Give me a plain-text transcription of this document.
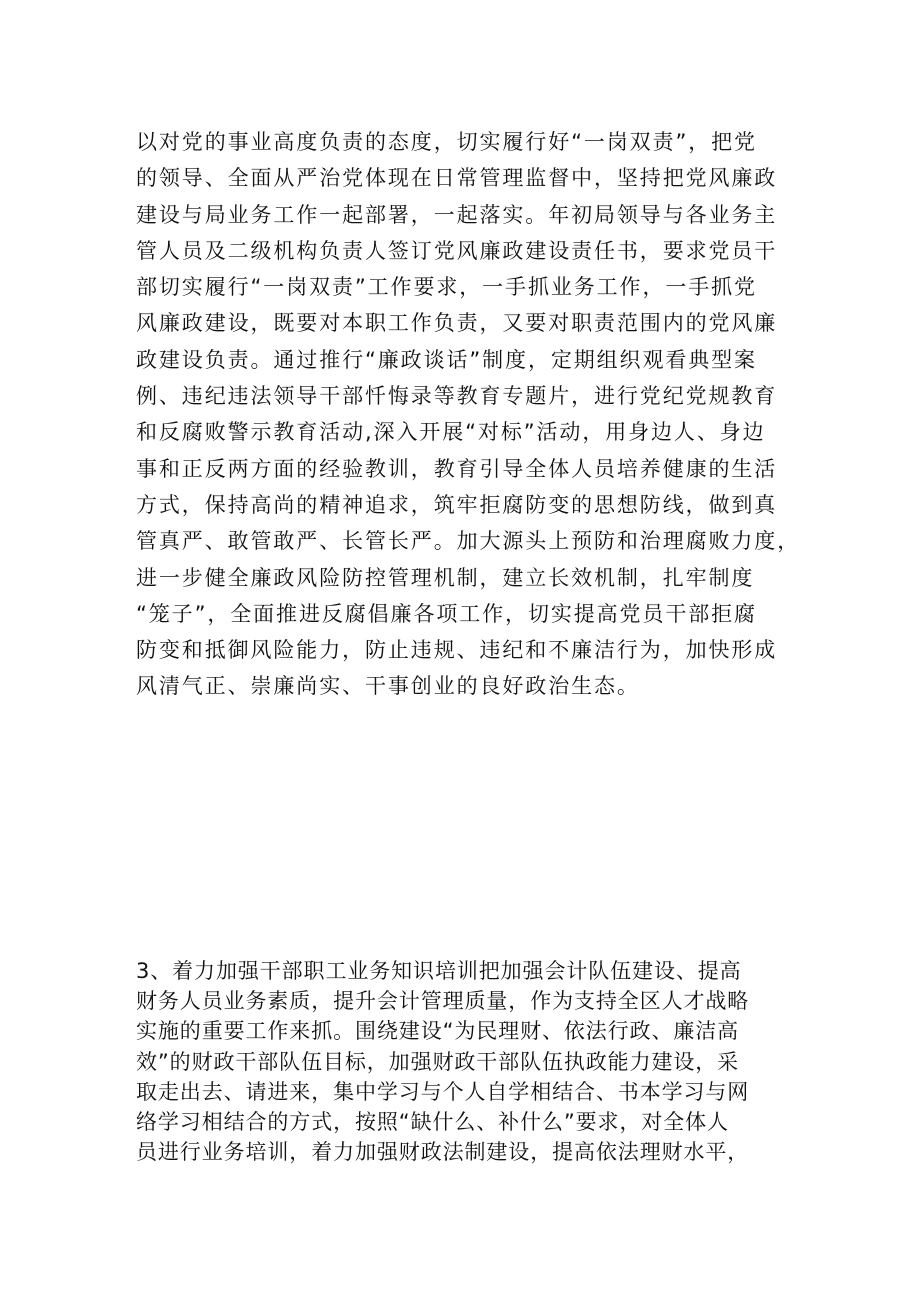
以对党的事业高度负责的态度，切实履行好“一岗双责”，把党
的领导、全面从严治党体现在日常管理监督中，坚持把党风廉政
建设与局业务工作一起部署，一起落实。年初局领导与各业务主
管人员及二级机构负责人签订党风廉政建设责任书，要求党员干
部切实履行“一岗双责”工作要求，一手抓业务工作，一手抓党
风廉政建设，既要对本职工作负责，又要对职责范围内的党风廉
政建设负责。通过推行“廉政谈话”制度，定期组织观看典型案
例、违纪违法领导干部忏悔录等教育专题片，进行党纪党规教育
和反腐败警示教育活动,深入开展“对标”活动，用身边人、身边
事和正反两方面的经验教训，教育引导全体人员培养健康的生活
方式，保持高尚的精神追求，筑牢拒腐防变的思想防线，做到真
管真严、敢管敢严、长管长严。加大源头上预防和治理腐败力度，
进一步健全廉政风险防控管理机制，建立长效机制，扎牢制度
“笼子”，全面推进反腐倡廉各项工作，切实提高党员干部拒腐
防变和抵御风险能力，防止违规、违纪和不廉洁行为，加快形成
风清气正、崇廉尚实、干事创业的良好政治生态。
3、着力加强干部职工业务知识培训把加强会计队伍建设、提高
财务人员业务素质，提升会计管理质量，作为支持全区人才战略
实施的重要工作来抓。围绕建设“为民理财、依法行政、廉洁高
效”的财政干部队伍目标，加强财政干部队伍执政能力建设，采
取走出去、请进来，集中学习与个人自学相结合、书本学习与网
络学习相结合的方式，按照“缺什么、补什么”要求，对全体人
员进行业务培训，着力加强财政法制建设，提高依法理财水平，
